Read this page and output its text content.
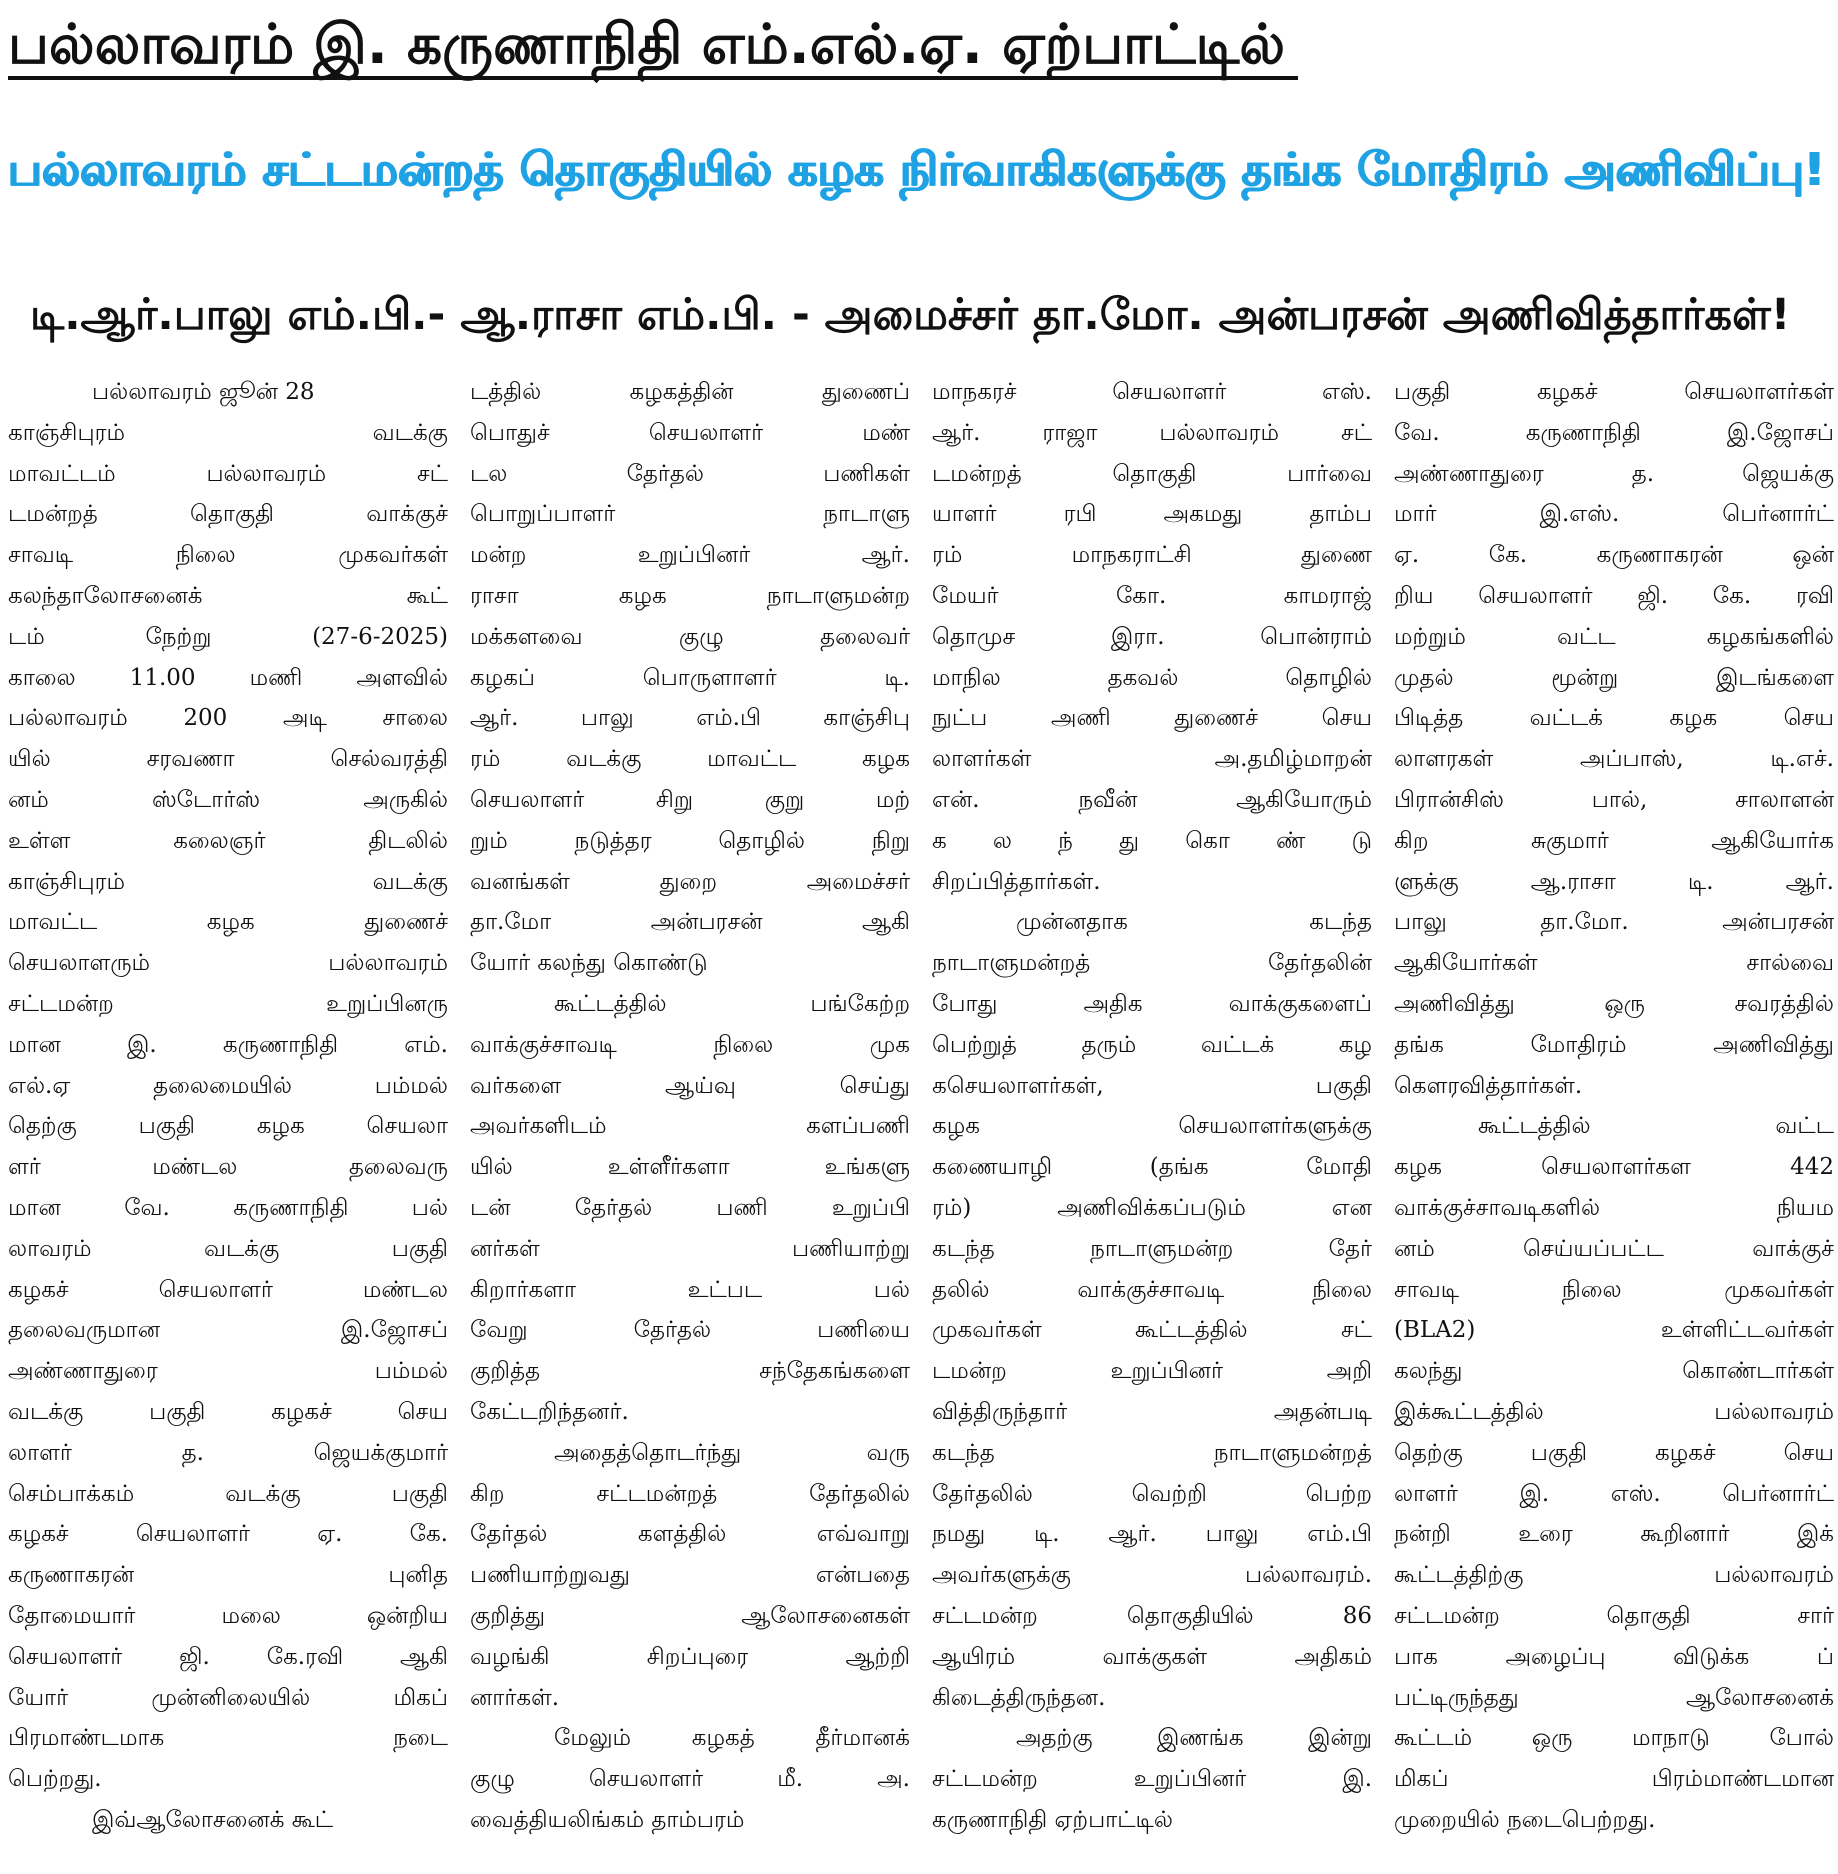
பல்லாவரம் இ. கருணாநிதி எம்.எல்.ஏ. ஏற்பாட்டில்
பல்லாவரம் சட்டமன்றத் தொகுதியில் கழக நிர்வாகிகளுக்கு தங்க மோதிரம் அணிவிப்பு!
டி.ஆர்.பாலு எம்.பி.- ஆ.ராசா எம்.பி. - அமைச்சர் தா.மோ. அன்பரசன் அணிவித்தார்கள்!
பல்லாவரம் ஜூன் 28
காஞ்சிபுரம் வடக்கு
மாவட்டம் பல்லாவரம் சட்
டமன்றத் தொகுதி வாக்குச்
சாவடி நிலை முகவர்கள்
கலந்தாலோசனைக் கூட்
டம் நேற்று (27-6-2025)
காலை 11.00 மணி அளவில்
பல்லாவரம் 200 அடி சாலை
யில் சரவணா செல்வரத்தி
னம் ஸ்டோர்ஸ் அருகில்
உள்ள கலைஞர் திடலில்
காஞ்சிபுரம் வடக்கு
மாவட்ட கழக துணைச்
செயலாளரும் பல்லாவரம்
சட்டமன்ற உறுப்பினரு
மான இ. கருணாநிதி எம்.
எல்.ஏ தலைமையில் பம்மல்
தெற்கு பகுதி கழக செயலா
ளர் மண்டல தலைவரு
மான வே. கருணாநிதி பல்
லாவரம் வடக்கு பகுதி
கழகச் செயலாளர் மண்டல
தலைவருமான இ.ஜோசப்
அண்ணாதுரை பம்மல்
வடக்கு பகுதி கழகச் செய
லாளர் த. ஜெயக்குமார்
செம்பாக்கம் வடக்கு பகுதி
கழகச் செயலாளர் ஏ. கே.
கருணாகரன் புனித
தோமையார் மலை ஒன்றிய
செயலாளர் ஜி. கே.ரவி ஆகி
யோர் முன்னிலையில் மிகப்
பிரமாண்டமாக நடை
பெற்றது.
இவ்ஆலோசனைக் கூட்
டத்தில் கழகத்தின் துணைப்
பொதுச் செயலாளர் மண்
டல தேர்தல் பணிகள்
பொறுப்பாளர் நாடாளு
மன்ற உறுப்பினர் ஆர்.
ராசா கழக நாடாளுமன்ற
மக்களவை குழு தலைவர்
கழகப் பொருளாளர் டி.
ஆர். பாலு எம்.பி காஞ்சிபு
ரம் வடக்கு மாவட்ட கழக
செயலாளர் சிறு குறு மற்
றும் நடுத்தர தொழில் நிறு
வனங்கள் துறை அமைச்சர்
தா.மோ அன்பரசன் ஆகி
யோர் கலந்து கொண்டு
கூட்டத்தில் பங்கேற்ற
வாக்குச்சாவடி நிலை முக
வர்களை ஆய்வு செய்து
அவர்களிடம் களப்பணி
யில் உள்ளீர்களா உங்களு
டன் தேர்தல் பணி உறுப்பி
னர்கள் பணியாற்று
கிறார்களா உட்பட பல்
வேறு தேர்தல் பணியை
குறித்த சந்தேகங்களை
கேட்டறிந்தனர்.
அதைத்தொடர்ந்து வரு
கிற சட்டமன்றத் தேர்தலில்
தேர்தல் களத்தில் எவ்வாறு
பணியாற்றுவது என்பதை
குறித்து ஆலோசனைகள்
வழங்கி சிறப்புரை ஆற்றி
னார்கள்.
மேலும் கழகத் தீர்மானக்
குழு செயலாளர் மீ. அ.
வைத்தியலிங்கம் தாம்பரம்
மாநகரச் செயலாளர் எஸ்.
ஆர். ராஜா பல்லாவரம் சட்
டமன்றத் தொகுதி பார்வை
யாளர் ரபி அகமது தாம்ப
ரம் மாநகராட்சி துணை
மேயர் கோ. காமராஜ்
தொமுச இரா. பொன்ராம்
மாநில தகவல் தொழில்
நுட்ப அணி துணைச் செய
லாளர்கள் அ.தமிழ்மாறன்
என். நவீன் ஆகியோரும்
க ல ந் து கொ ண் டு
சிறப்பித்தார்கள்.
முன்னதாக கடந்த
நாடாளுமன்றத் தேர்தலின்
போது அதிக வாக்குகளைப்
பெற்றுத் தரும் வட்டக் கழ
கசெயலாளர்கள், பகுதி
கழக செயலாளர்களுக்கு
கணையாழி (தங்க மோதி
ரம்) அணிவிக்கப்படும் என
கடந்த நாடாளுமன்ற தேர்
தலில் வாக்குச்சாவடி நிலை
முகவர்கள் கூட்டத்தில் சட்
டமன்ற உறுப்பினர் அறி
வித்திருந்தார் அதன்படி
கடந்த நாடாளுமன்றத்
தேர்தலில் வெற்றி பெற்ற
நமது டி. ஆர். பாலு எம்.பி
அவர்களுக்கு பல்லாவரம்.
சட்டமன்ற தொகுதியில் 86
ஆயிரம் வாக்குகள் அதிகம்
கிடைத்திருந்தன.
அதற்கு இணங்க இன்று
சட்டமன்ற உறுப்பினர் இ.
கருணாநிதி ஏற்பாட்டில்
பகுதி கழகச் செயலாளர்கள்
வே. கருணாநிதி இ.ஜோசப்
அண்ணாதுரை த. ஜெயக்கு
மார் இ.எஸ். பெர்னார்ட்
ஏ. கே. கருணாகரன் ஒன்
றிய செயலாளர் ஜி. கே. ரவி
மற்றும் வட்ட கழகங்களில்
முதல் மூன்று இடங்களை
பிடித்த வட்டக் கழக செய
லாளரகள் அப்பாஸ், டி.எச்.
பிரான்சிஸ் பால், சாலாளன்
கிற சுகுமார் ஆகியோர்க
ளுக்கு ஆ.ராசா டி. ஆர்.
பாலு தா.மோ. அன்பரசன்
ஆகியோர்கள் சால்வை
அணிவித்து ஒரு சவரத்தில்
தங்க மோதிரம் அணிவித்து
கௌரவித்தார்கள்.
கூட்டத்தில் வட்ட
கழக செயலாளர்கள 442
வாக்குச்சாவடிகளில் நியம
னம் செய்யப்பட்ட வாக்குச்
சாவடி நிலை முகவர்கள்
(BLA2) உள்ளிட்டவர்கள்
கலந்து கொண்டார்கள்
இக்கூட்டத்தில் பல்லாவரம்
தெற்கு பகுதி கழகச் செய
லாளர் இ. எஸ். பெர்னார்ட்
நன்றி உரை கூறினார் இக்
கூட்டத்திற்கு பல்லாவரம்
சட்டமன்ற தொகுதி சார்
பாக அழைப்பு விடுக்க ப்
பட்டிருந்தது ஆலோசனைக்
கூட்டம் ஒரு மாநாடு போல்
மிகப் பிரம்மாண்டமான
முறையில் நடைபெற்றது.
